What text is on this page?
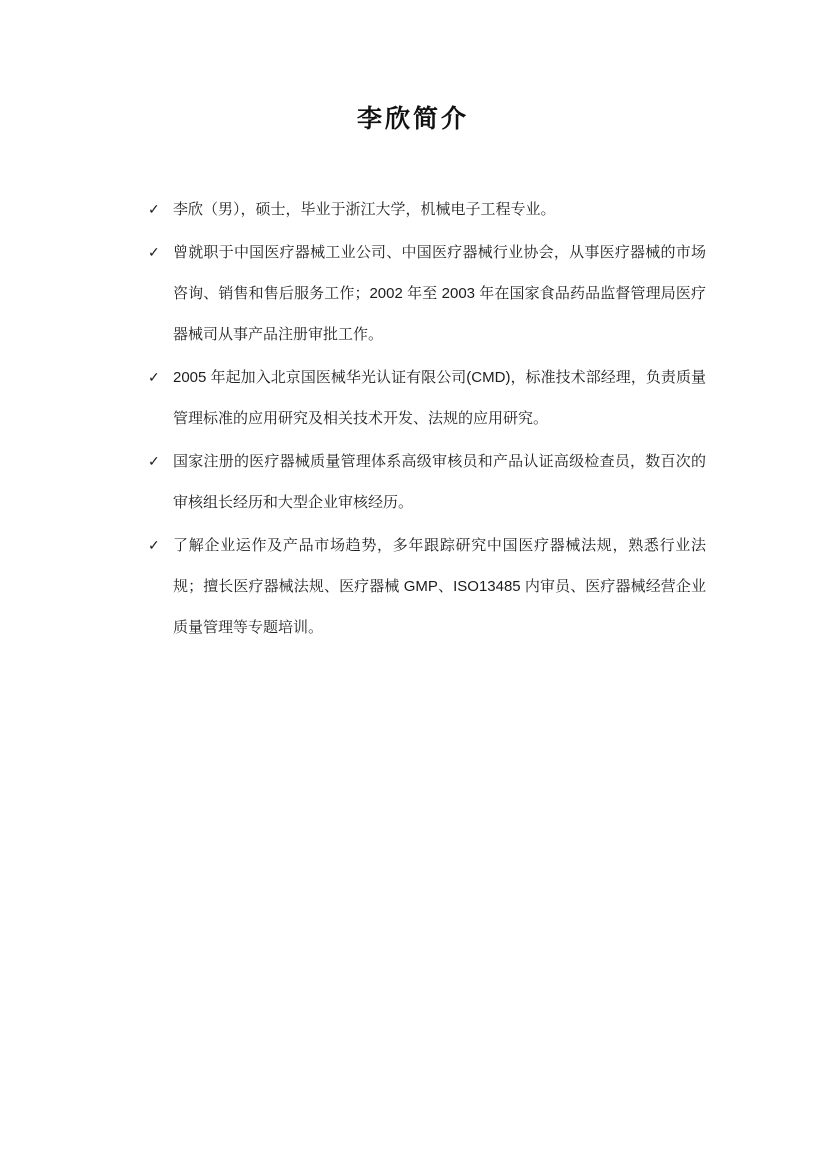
李欣简介

✓ 李欣（男），硕士，毕业于浙江大学，机械电子工程专业。

✓ 曾就职于中国医疗器械工业公司、中国医疗器械行业协会，从事医疗器械的市场咨询、销售和售后服务工作；2002 年至 2003 年在国家食品药品监督管理局医疗器械司从事产品注册审批工作。

✓ 2005 年起加入北京国医械华光认证有限公司(CMD)，标准技术部经理，负责质量管理标准的应用研究及相关技术开发、法规的应用研究。

✓ 国家注册的医疗器械质量管理体系高级审核员和产品认证高级检查员，数百次的审核组长经历和大型企业审核经历。

✓ 了解企业运作及产品市场趋势，多年跟踪研究中国医疗器械法规，熟悉行业法规；擅长医疗器械法规、医疗器械 GMP、ISO13485 内审员、医疗器械经营企业质量管理等专题培训。
